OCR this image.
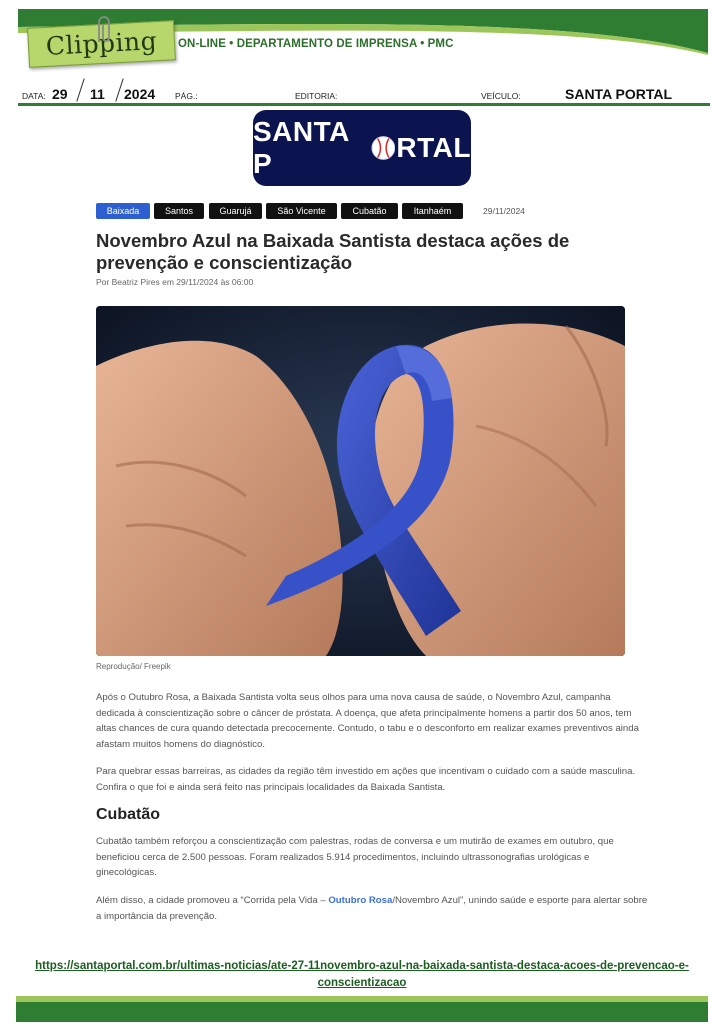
Clipping	ON-LINE • DEPARTAMENTO DE IMPRENSA • PMC
DATA: 29 11 2024 PÁG.:	EDITORIA:	VEÍCULO:	SANTA PORTAL
SANTA P
RTAL
Baixada	Santos	Guarujá	São Vicente	Cubatão	Itanhaém	29/11/2024
Novembro Azul na Baixada Santista destaca ações de prevenção e conscientização
Por Beatriz Pires em 29/11/2024 às 06:00
Reprodução/ Freepik

Após o Outubro Rosa, a Baixada Santista volta seus olhos para uma nova causa de saúde, o Novembro Azul, campanha dedicada à conscientização sobre o câncer de próstata. A doença, que afeta principalmente homens a partir dos 50 anos, tem altas chances de cura quando detectada precocemente. Contudo, o tabu e o desconforto em realizar exames preventivos ainda afastam muitos homens do diagnóstico.

Para quebrar essas barreiras, as cidades da região têm investido em ações que incentivam o cuidado com a saúde masculina. Confira o que foi e ainda será feito nas principais localidades da Baixada Santista.

Cubatão

Cubatão também reforçou a conscientização com palestras, rodas de conversa e um mutirão de exames em outubro, que beneficiou cerca de 2.500 pessoas. Foram realizados 5.914 procedimentos, incluindo ultrassonografias urológicas e ginecológicas.

Além disso, a cidade promoveu a “Corrida pela Vida – Outubro Rosa/Novembro Azul”, unindo saúde e esporte para alertar sobre a importância da prevenção.

https://santaportal.com.br/ultimas-noticias/ate-27-11novembro-azul-na-baixada-santista-destaca-acoes-de-prevencao-e-conscientizacao
